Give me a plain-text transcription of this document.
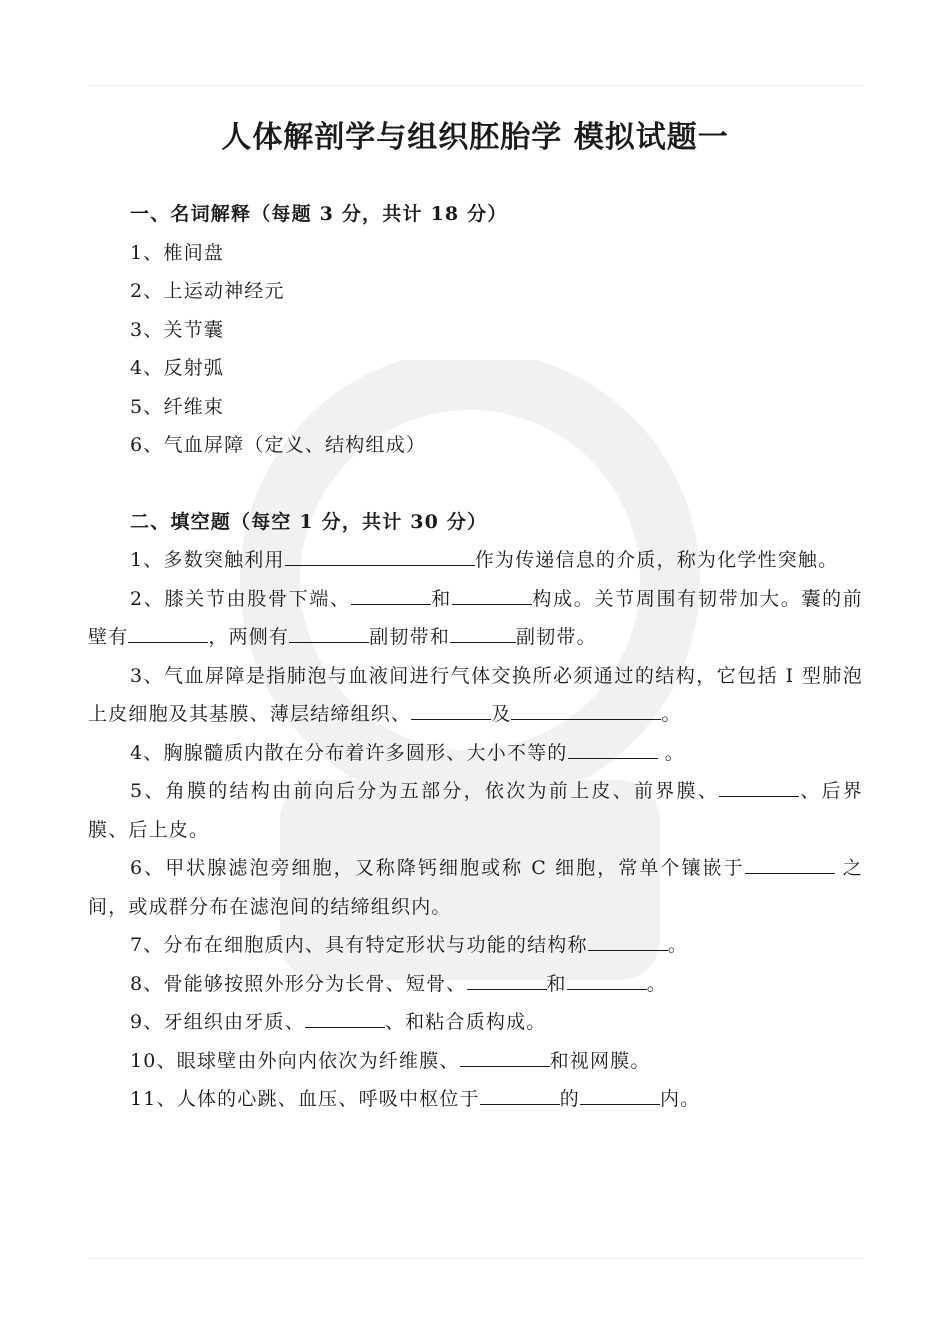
人体解剖学与组织胚胎学 模拟试题一
一、名词解释（每题 3 分，共计 18 分）
1、椎间盘
2、上运动神经元
3、关节囊
4、反射弧
5、纤维束
6、气血屏障（定义、结构组成）
二、填空题（每空 1 分，共计 30 分）
1、多数突触利用	作为传递信息的介质，称为化学性突触。
2、膝关节由股骨下端、	和	构成。关节周围有韧带加大。囊的前壁有	，两侧有	副韧带和	副韧带。
3、气血屏障是指肺泡与血液间进行气体交换所必须通过的结构，它包括 I 型肺泡上皮细胞及其基膜、薄层结缔组织、	及	。
4、胸腺髓质内散在分布着许多圆形、大小不等的	。
5、角膜的结构由前向后分为五部分，依次为前上皮、前界膜、	、后界膜、后上皮。
6、甲状腺滤泡旁细胞，又称降钙细胞或称 C 细胞，常单个镶嵌于	之间，或成群分布在滤泡间的结缔组织内。
7、分布在细胞质内、具有特定形状与功能的结构称	。
8、骨能够按照外形分为长骨、短骨、	和	。
9、牙组织由牙质、	、和粘合质构成。
10、眼球壁由外向内依次为纤维膜、	和视网膜。
11、人体的心跳、血压、呼吸中枢位于	的	内。
